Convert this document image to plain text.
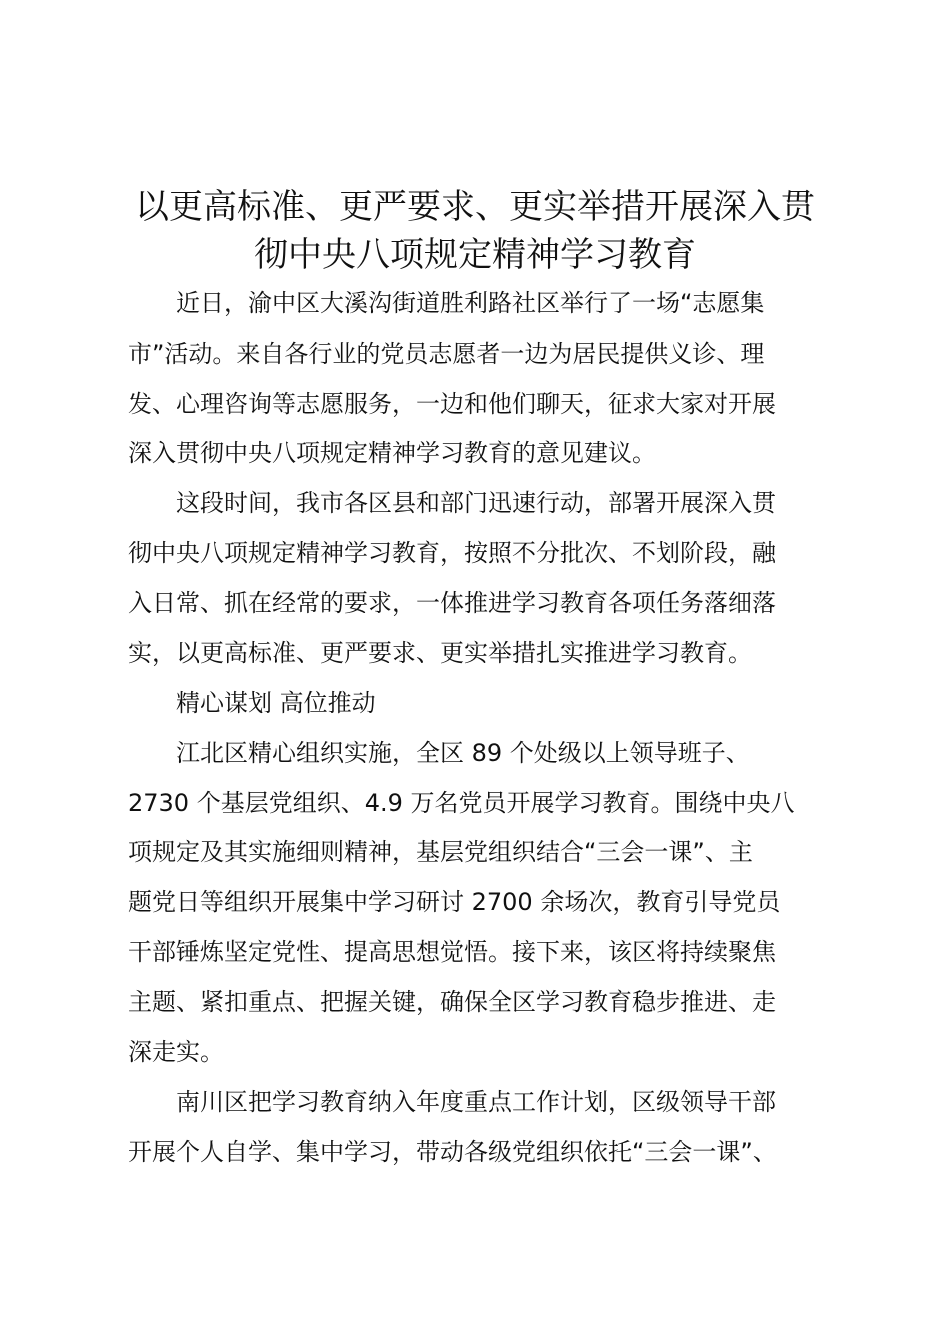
以更高标准、更严要求、更实举措开展深入贯
彻中央八项规定精神学习教育

近日，渝中区大溪沟街道胜利路社区举行了一场“志愿集

市”活动。来自各行业的党员志愿者一边为居民提供义诊、理

发、心理咨询等志愿服务，一边和他们聊天，征求大家对开展

深入贯彻中央八项规定精神学习教育的意见建议。

这段时间，我市各区县和部门迅速行动，部署开展深入贯

彻中央八项规定精神学习教育，按照不分批次、不划阶段，融

入日常、抓在经常的要求，一体推进学习教育各项任务落细落

实，以更高标准、更严要求、更实举措扎实推进学习教育。

精心谋划 高位推动

江北区精心组织实施，全区 89 个处级以上领导班子、

2730 个基层党组织、4.9 万名党员开展学习教育。围绕中央八

项规定及其实施细则精神，基层党组织结合“三会一课”、主

题党日等组织开展集中学习研讨 2700 余场次，教育引导党员

干部锤炼坚定党性、提高思想觉悟。接下来，该区将持续聚焦

主题、紧扣重点、把握关键，确保全区学习教育稳步推进、走

深走实。

南川区把学习教育纳入年度重点工作计划，区级领导干部

开展个人自学、集中学习，带动各级党组织依托“三会一课”、
